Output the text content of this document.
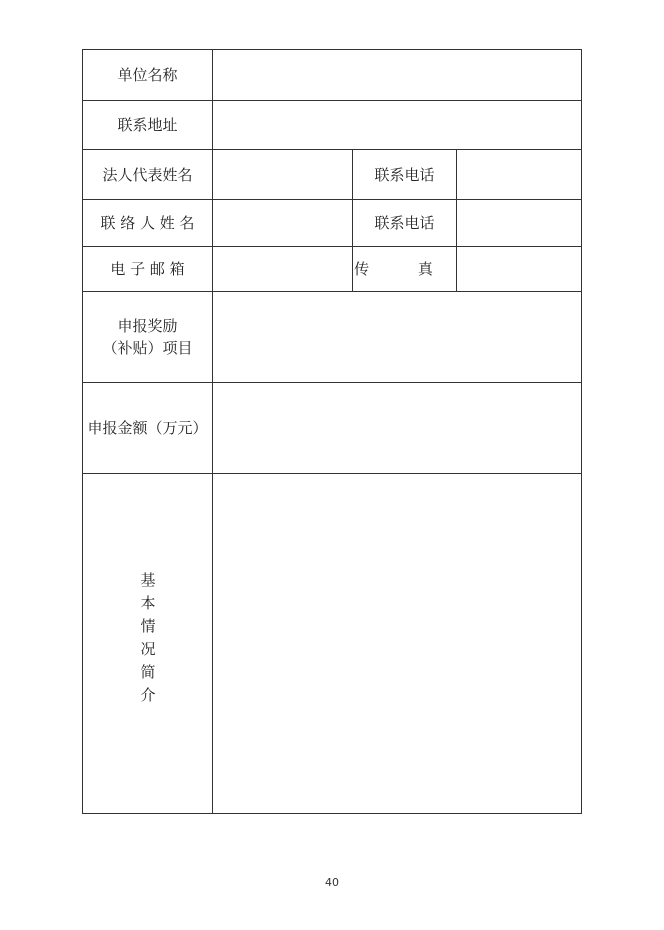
单位名称			
联系地址			
法人代表姓名		联系电话	
联 络 人 姓 名		联系电话	
电 子 邮 箱		传 真	

申报奖励
（补贴）项目			

申报金额（万元）			
基本情况简介			
40
